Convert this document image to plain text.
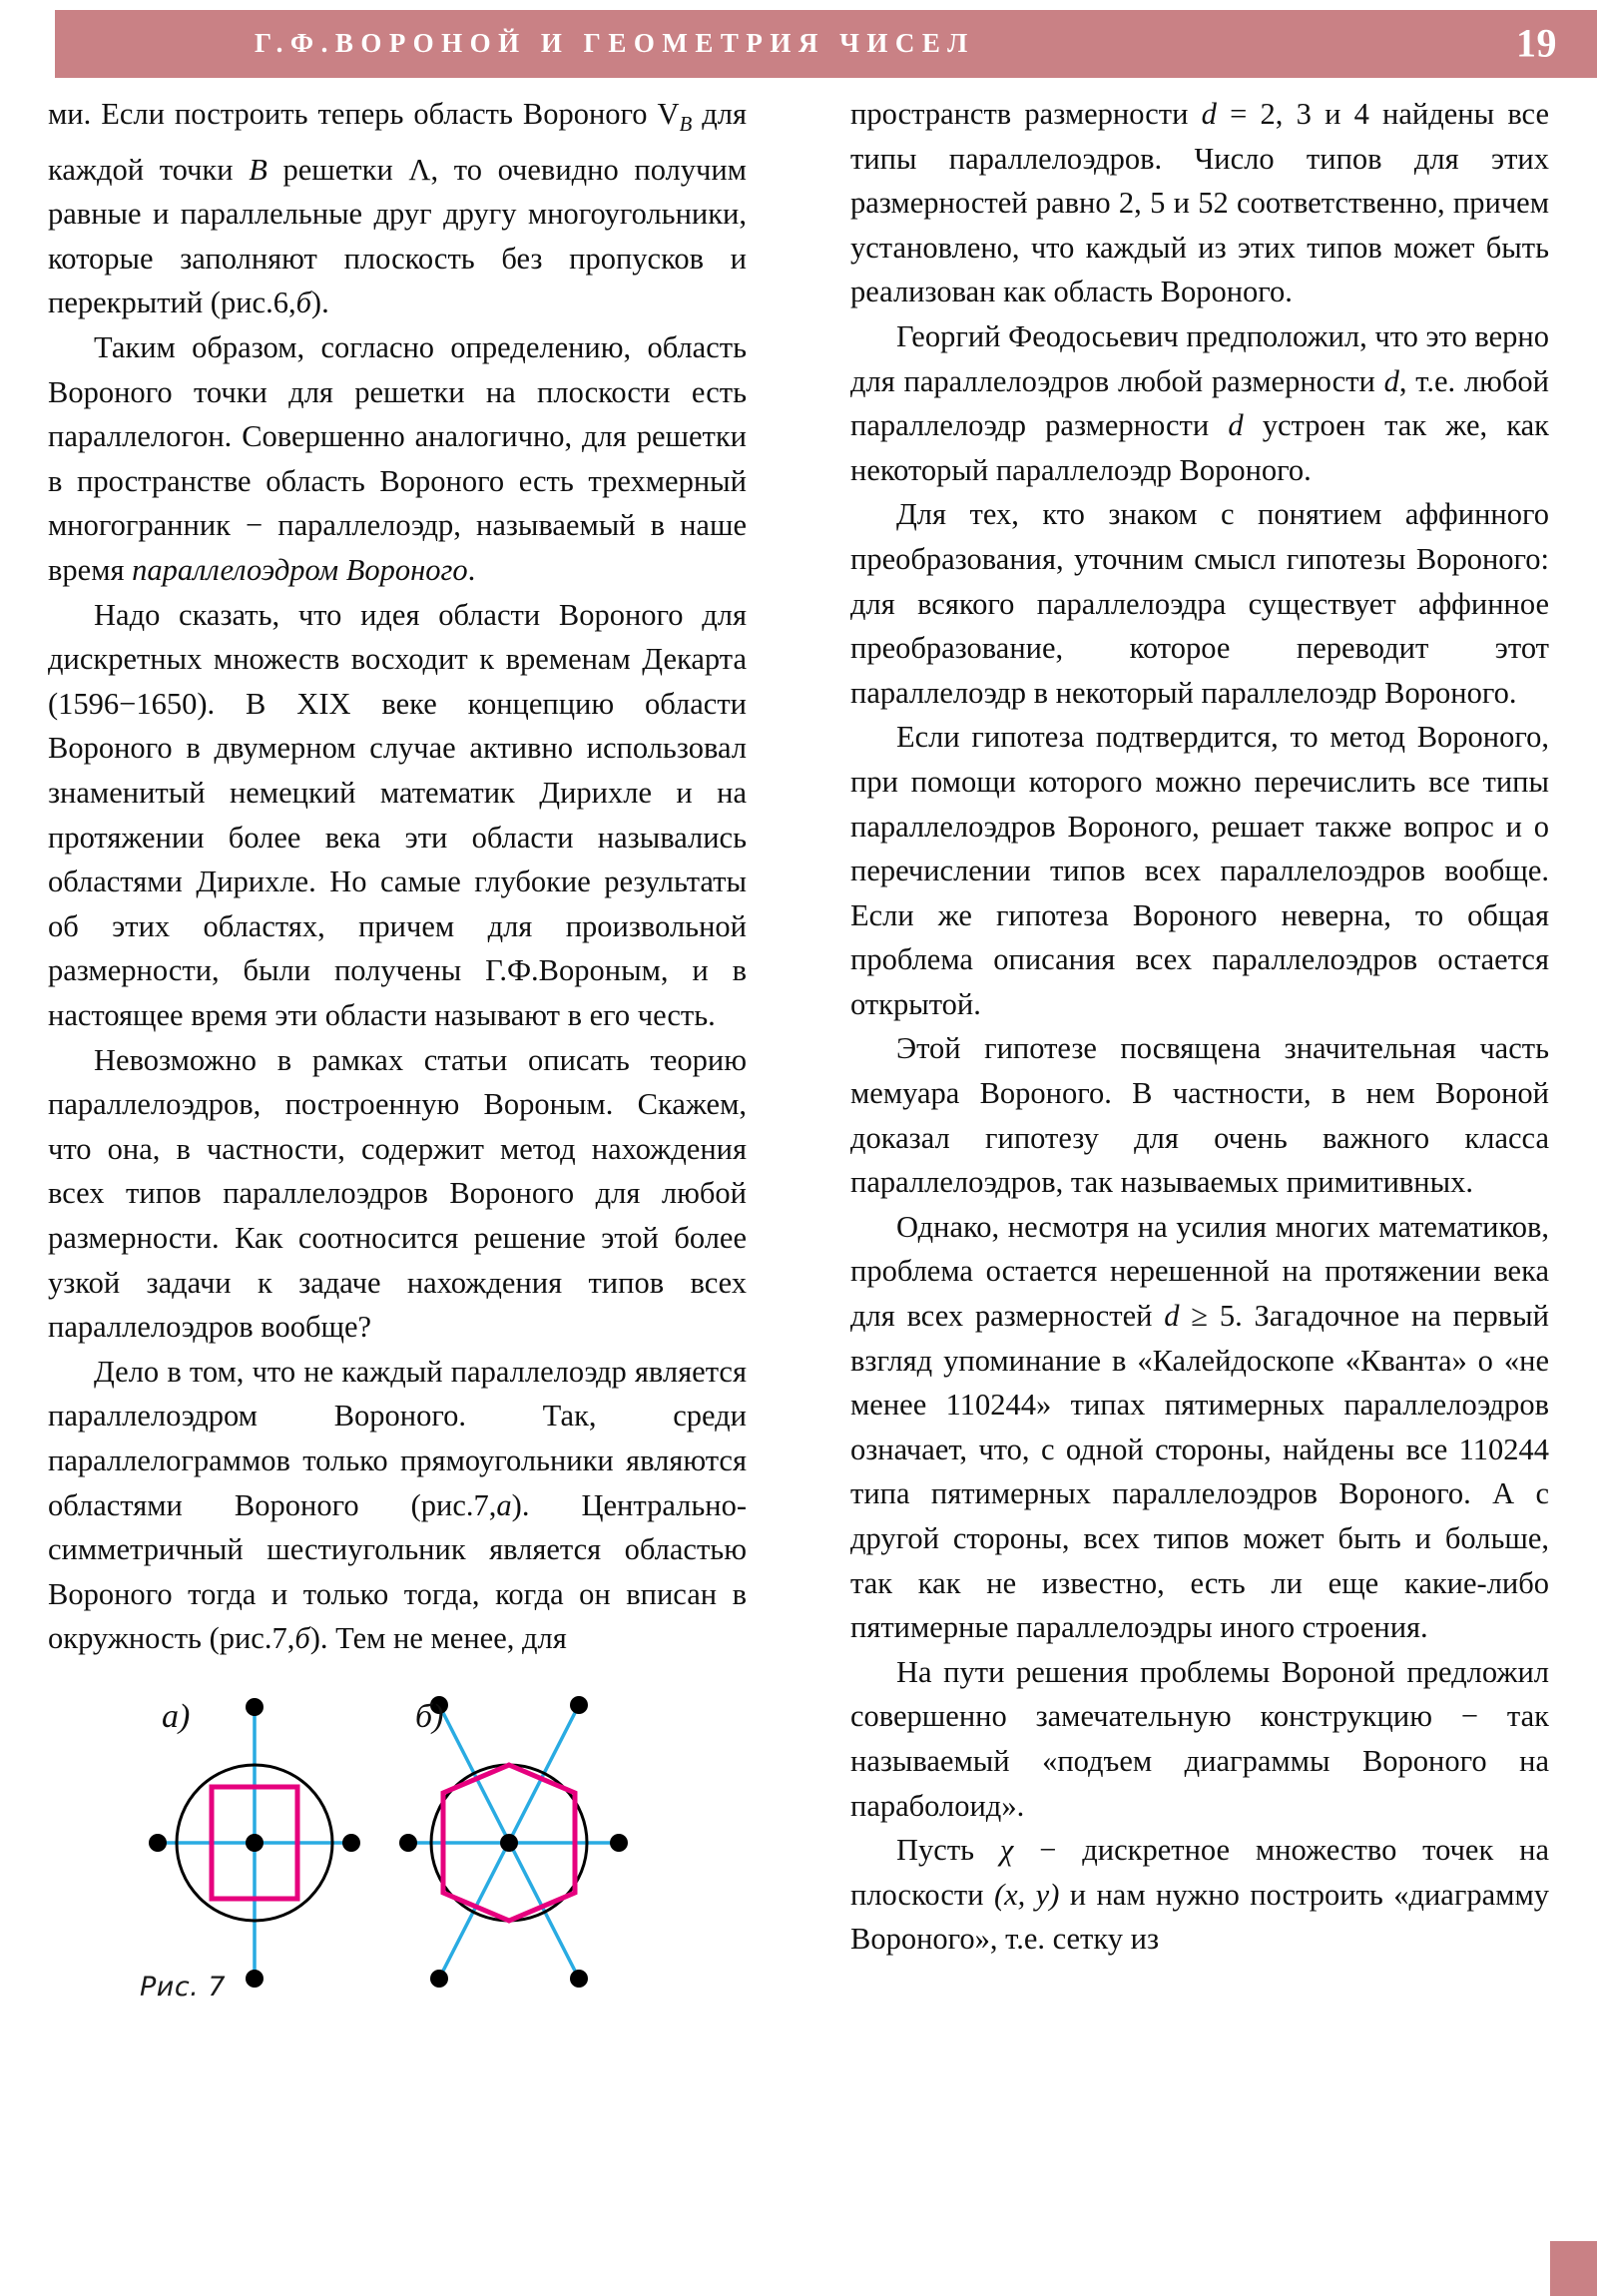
Г.Ф.ВОРОНОЙ И ГЕОМЕТРИЯ ЧИСЕЛ	19

ми. Если построить теперь область Вороного $V_B$ для каждой точки B решетки Λ, то очевидно получим равные и параллельные друг другу многоугольники, которые заполняют плоскость без пропусков и перекрытий (рис.6,б).

Таким образом, согласно определению, область Вороного точки для решетки на плоскости есть параллелогон. Совершенно аналогично, для решетки в пространстве область Вороного есть трехмерный многогранник − параллелоэдр, называемый в наше время параллелоэдром Вороного.

Надо сказать, что идея области Вороного для дискретных множеств восходит к временам Декарта (1596−1650). В XIX веке концепцию области Вороного в двумерном случае активно использовал знаменитый немецкий математик Дирихле и на протяжении более века эти области назывались областями Дирихле. Но самые глубокие результаты об этих областях, причем для произвольной размерности, были получены Г.Ф.Вороным, и в настоящее время эти области называют в его честь.

Невозможно в рамках статьи описать теорию параллелоэдров, построенную Вороным. Скажем, что она, в частности, содержит метод нахождения всех типов параллелоэдров Вороного для любой размерности. Как соотносится решение этой более узкой задачи к задаче нахождения типов всех параллелоэдров вообще?

Дело в том, что не каждый параллелоэдр является параллелоэдром Вороного. Так, среди параллелограммов только прямоугольники являются областями Вороного (рис.7,а). Центрально-симметричный шестиугольник является областью Вороного тогда и только тогда, когда он вписан в окружность (рис.7,б). Тем не менее, для

а)	б)
Рис. 7

пространств размерности d = 2, 3 и 4 найдены все типы параллелоэдров. Число типов для этих размерностей равно 2, 5 и 52 соответственно, причем установлено, что каждый из этих типов может быть реализован как область Вороного.

Георгий Феодосьевич предположил, что это верно для параллелоэдров любой размерности d, т.е. любой параллелоэдр размерности d устроен так же, как некоторый параллелоэдр Вороного.

Для тех, кто знаком с понятием аффинного преобразования, уточним смысл гипотезы Вороного: для всякого параллелоэдра существует аффинное преобразование, которое переводит этот параллелоэдр в некоторый параллелоэдр Вороного.

Если гипотеза подтвердится, то метод Вороного, при помощи которого можно перечислить все типы параллелоэдров Вороного, решает также вопрос и о перечислении типов всех параллелоэдров вообще. Если же гипотеза Вороного неверна, то общая проблема описания всех параллелоэдров остается открытой.

Этой гипотезе посвящена значительная часть мемуара Вороного. В частности, в нем Вороной доказал гипотезу для очень важного класса параллелоэдров, так называемых примитивных.

Однако, несмотря на усилия многих математиков, проблема остается нерешенной на протяжении века для всех размерностей d ≥ 5. Загадочное на первый взгляд упоминание в «Калейдоскопе «Кванта» о «не менее 110244» типах пятимерных параллелоэдров означает, что, с одной стороны, найдены все 110244 типа пятимерных параллелоэдров Вороного. А с другой стороны, всех типов может быть и больше, так как не известно, есть ли еще какие-либо пятимерные параллелоэдры иного строения.

На пути решения проблемы Вороной предложил совершенно замечательную конструкцию − так называемый «подъем диаграммы Вороного на параболоид».

Пусть χ − дискретное множество точек на плоскости (x, y) и нам нужно построить «диаграмму Вороного», т.е. сетку из
